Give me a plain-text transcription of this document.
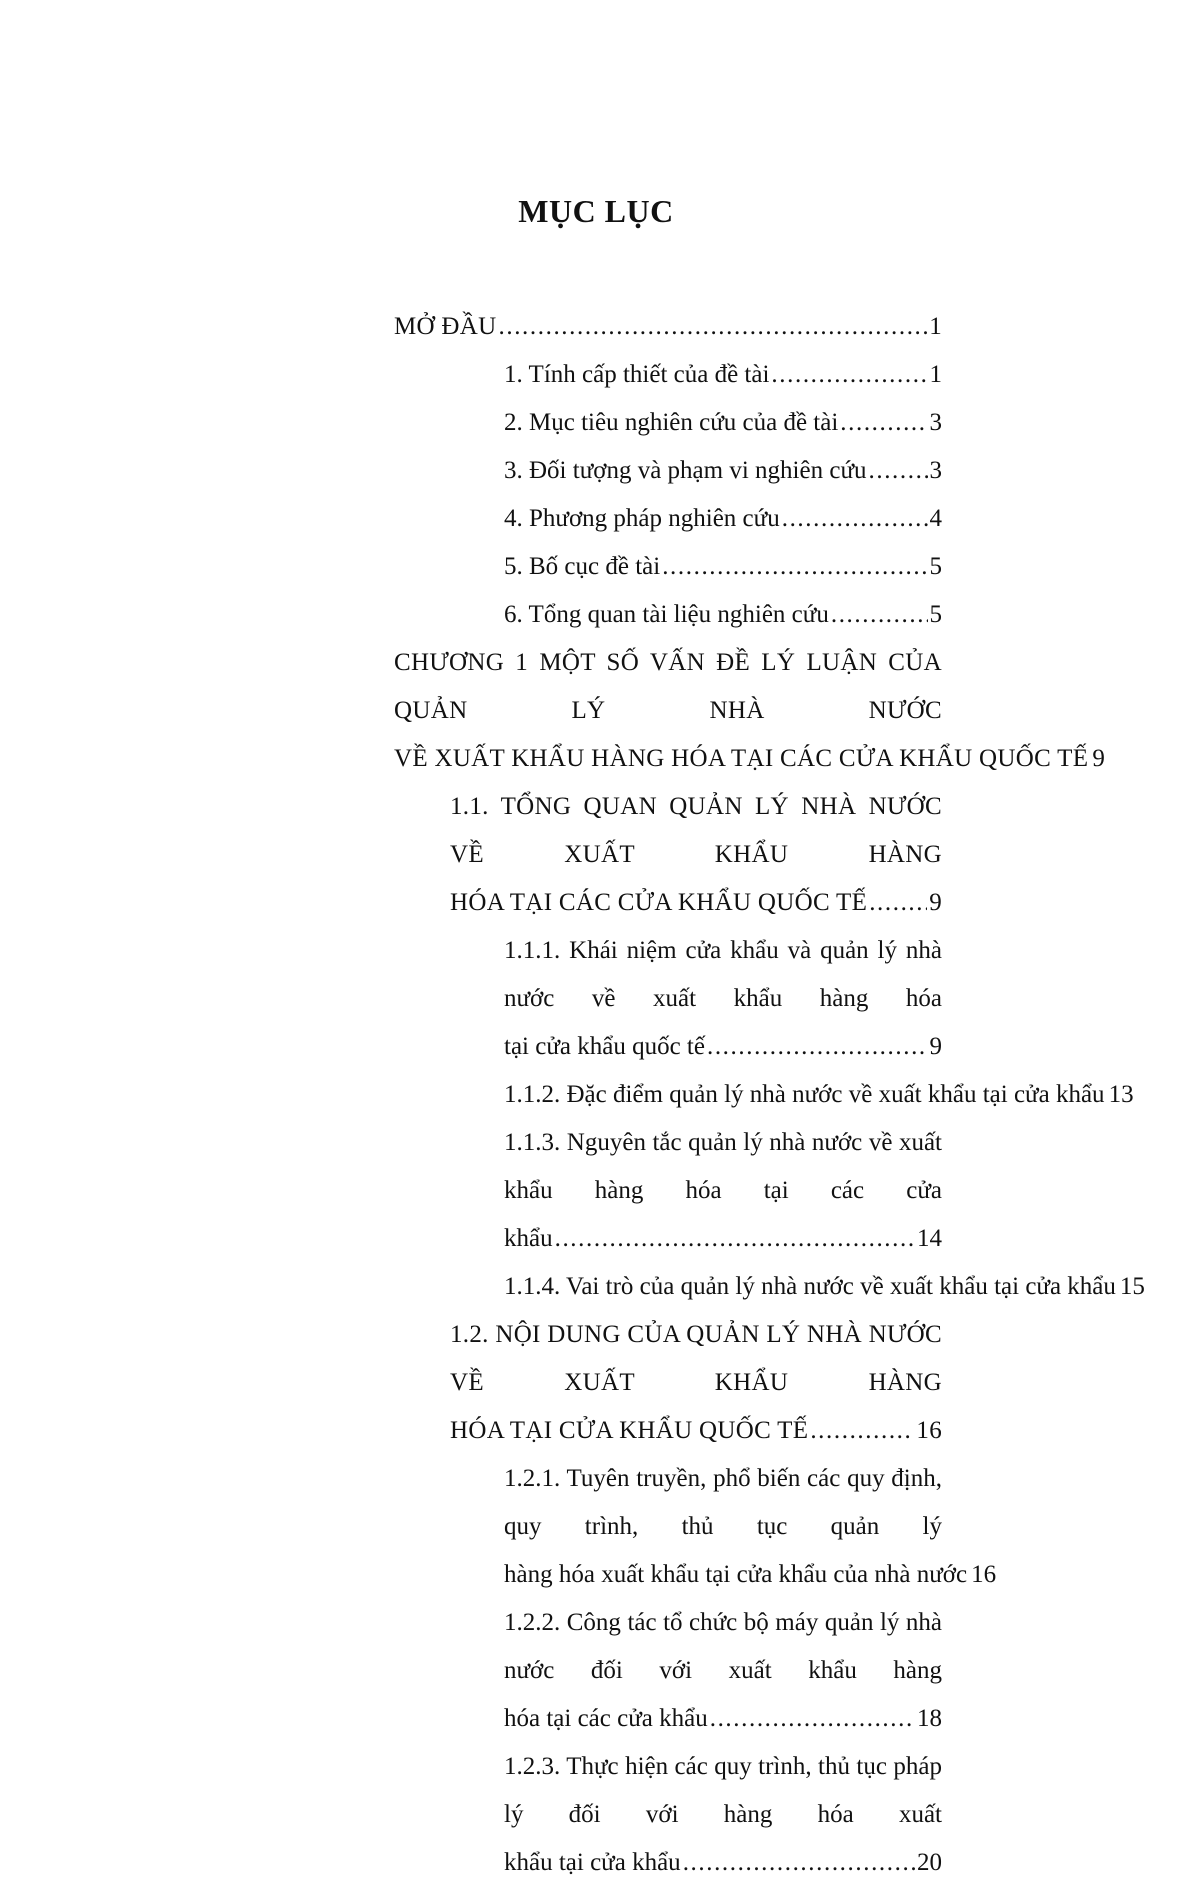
MỤC LỤC
MỞ ĐẦU .....	1
1. Tính cấp thiết của đề tài .....	1
2. Mục tiêu nghiên cứu của đề tài .....	3
3. Đối tượng và phạm vi nghiên cứu .....	3
4. Phương pháp nghiên cứu .....	4
5. Bố cục đề tài .....	5
6. Tổng quan tài liệu nghiên cứu .....	5
CHƯƠNG 1 MỘT SỐ VẤN ĐỀ LÝ LUẬN CỦA QUẢN LÝ NHÀ NƯỚC
VỀ XUẤT KHẨU HÀNG HÓA TẠI CÁC CỬA KHẨU QUỐC TẾ 9
1.1. TỔNG QUAN QUẢN LÝ NHÀ NƯỚC VỀ XUẤT KHẨU HÀNG
HÓA TẠI CÁC CỬA KHẨU QUỐC TẾ ..... 9
1.1.1. Khái niệm cửa khẩu và quản lý nhà nước về xuất khẩu hàng hóa
tại cửa khẩu quốc tế .....	9
1.1.2. Đặc điểm quản lý nhà nước về xuất khẩu tại cửa khẩu 13
1.1.3. Nguyên tắc quản lý nhà nước về xuất khẩu hàng hóa tại các cửa
khẩu .....	14
1.1.4. Vai trò của quản lý nhà nước về xuất khẩu tại cửa khẩu 15
1.2. NỘI DUNG CỦA QUẢN LÝ NHÀ NƯỚC VỀ XUẤT KHẨU HÀNG
HÓA TẠI CỬA KHẨU QUỐC TẾ .....	16
1.2.1. Tuyên truyền, phổ biến các quy định, quy trình, thủ tục quản lý
hàng hóa xuất khẩu tại cửa khẩu của nhà nước 16
1.2.2. Công tác tổ chức bộ máy quản lý nhà nước đối với xuất khẩu hàng
hóa tại các cửa khẩu .....	18
1.2.3. Thực hiện các quy trình, thủ tục pháp lý đối với hàng hóa xuất
khẩu tại cửa khẩu .....	20
